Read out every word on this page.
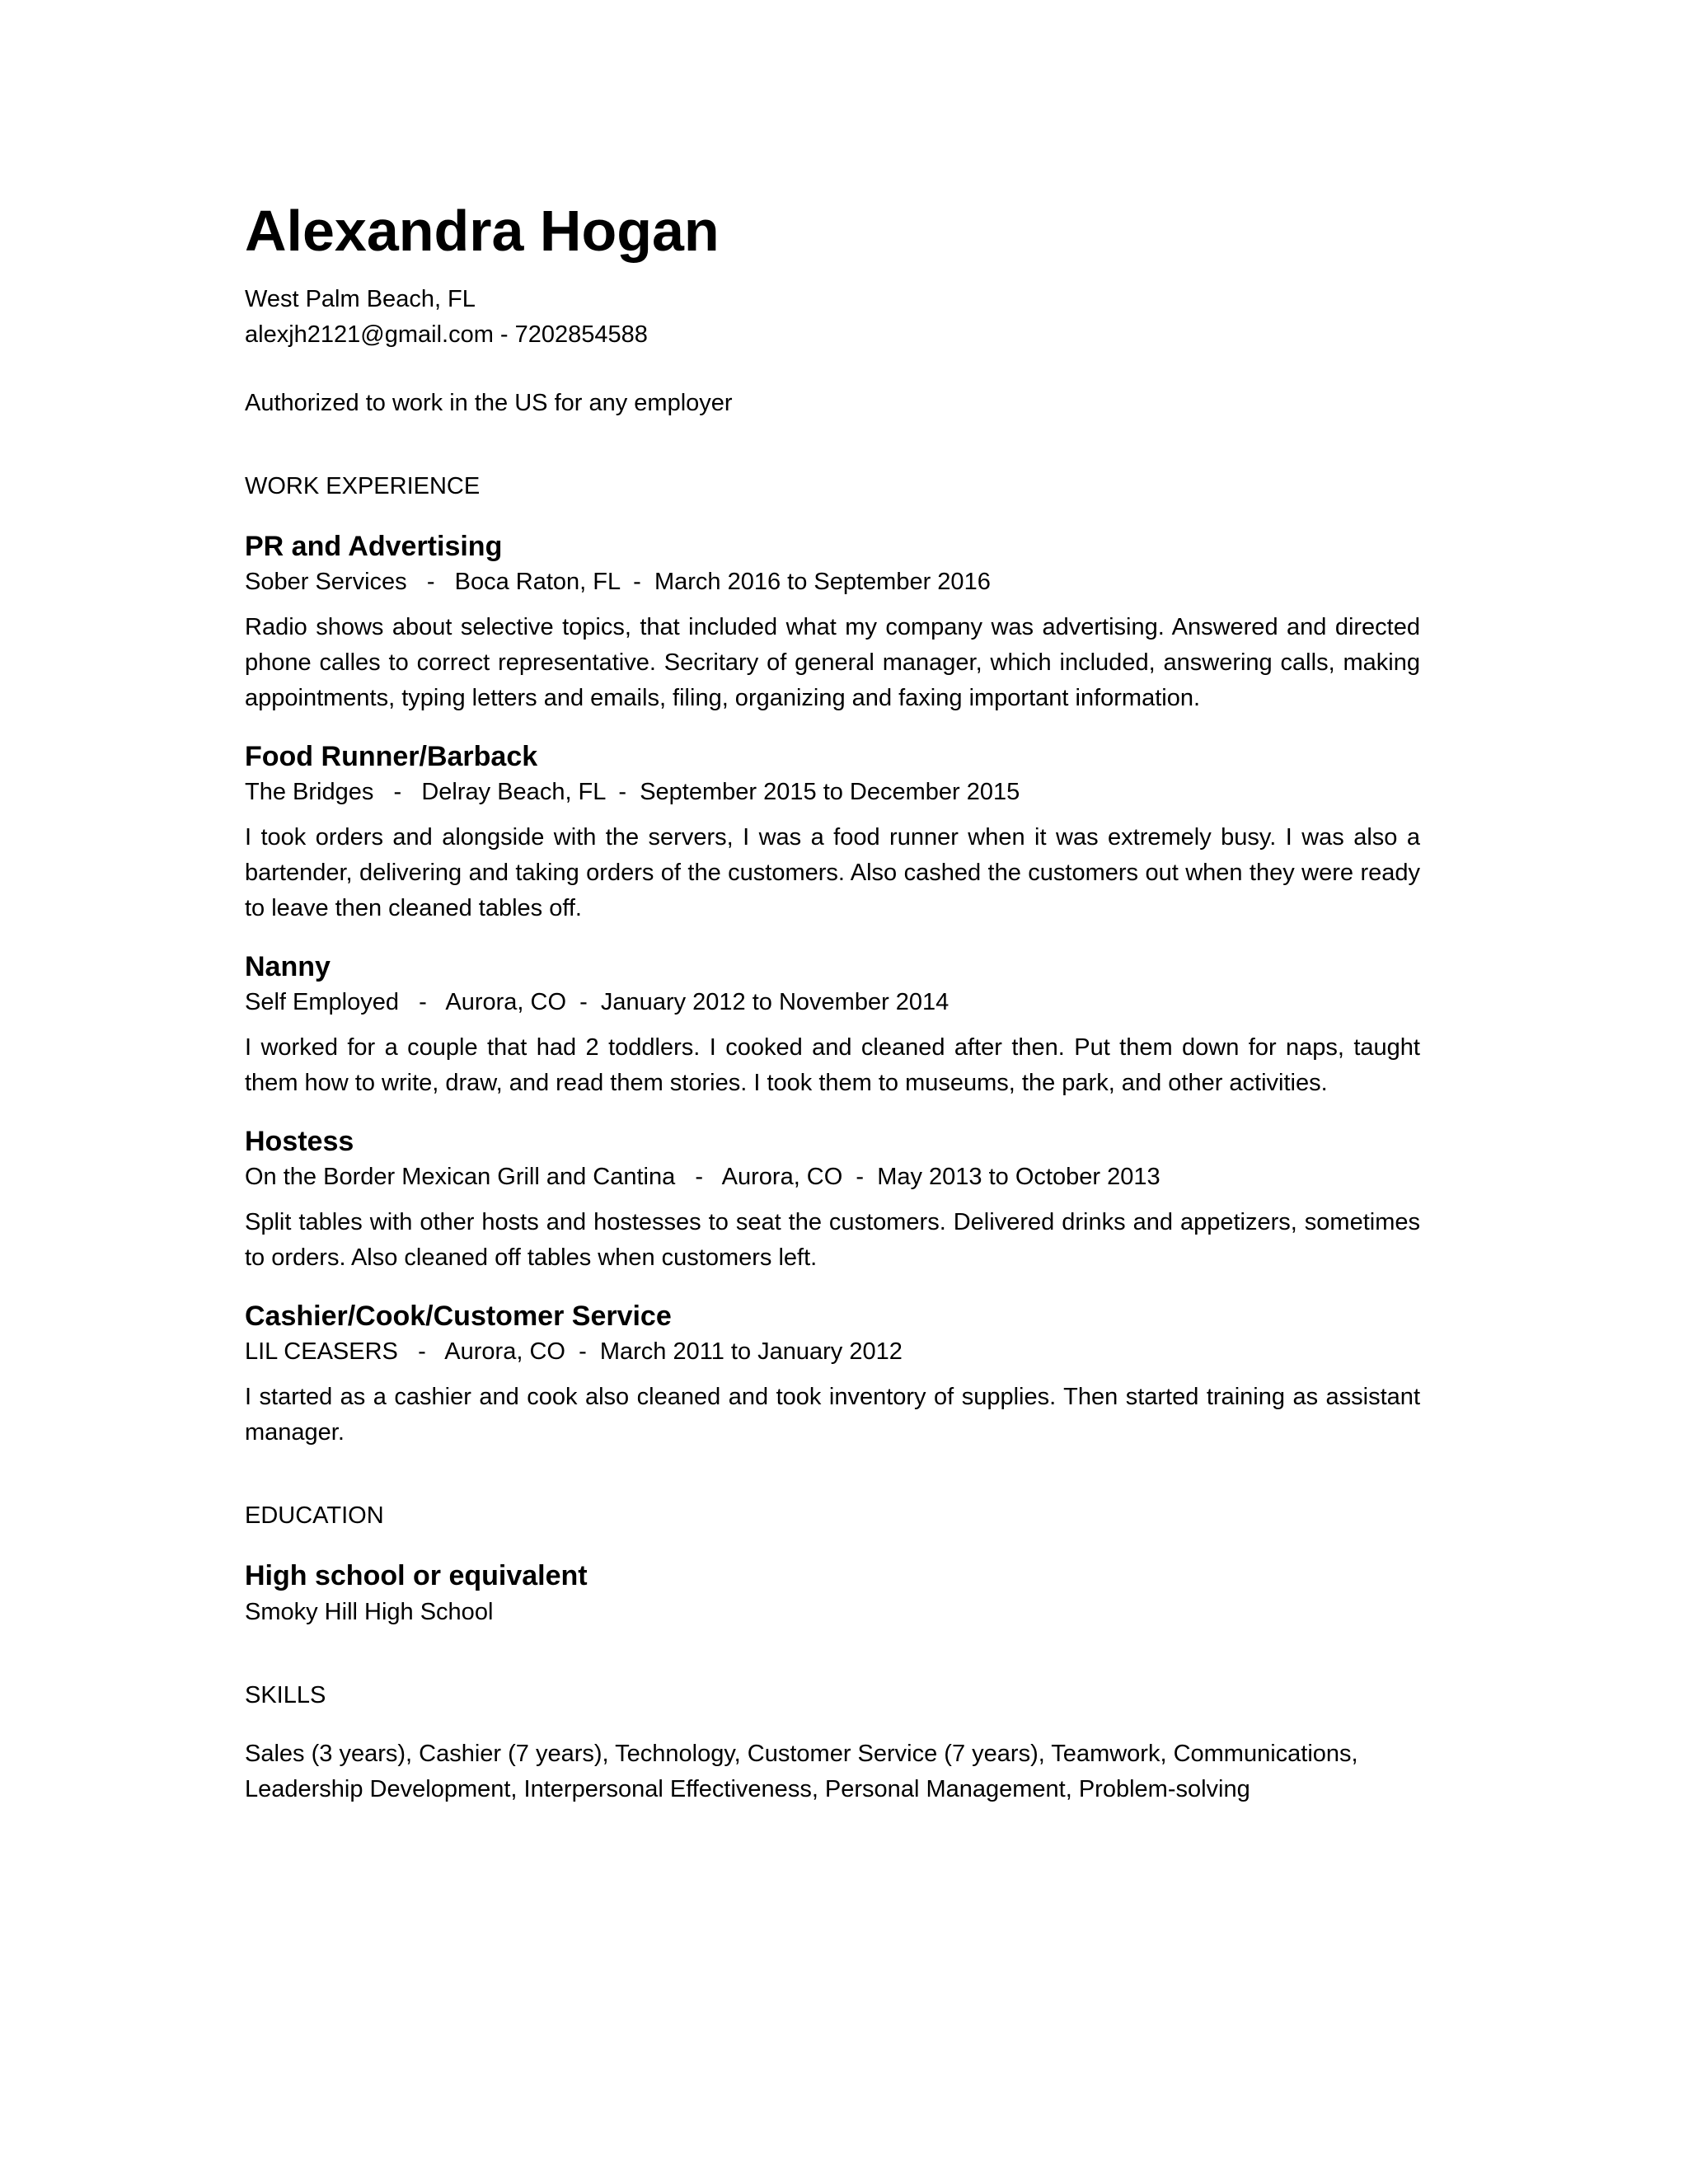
Alexandra Hogan
West Palm Beach, FL
alexjh2121@gmail.com - 7202854588
Authorized to work in the US for any employer
WORK EXPERIENCE
PR and Advertising
Sober Services   -   Boca Raton, FL  -  March 2016 to September 2016
Radio shows about selective topics, that included what my company was advertising. Answered and directed phone calles to correct representative. Secritary of general manager, which included, answering calls, making appointments, typing letters and emails, filing, organizing and faxing important information.
Food Runner/Barback
The Bridges   -   Delray Beach, FL  -  September 2015 to December 2015
I took orders and alongside with the servers, I was a food runner when it was extremely busy. I was also a bartender, delivering and taking orders of the customers. Also cashed the customers out when they were ready to leave then cleaned tables off.
Nanny
Self Employed   -   Aurora, CO  -  January 2012 to November 2014
I worked for a couple that had 2 toddlers. I cooked and cleaned after then. Put them down for naps, taught them how to write, draw, and read them stories. I took them to museums, the park, and other activities.
Hostess
On the Border Mexican Grill and Cantina   -   Aurora, CO  -  May 2013 to October 2013
Split tables with other hosts and hostesses to seat the customers. Delivered drinks and appetizers, sometimes to orders. Also cleaned off tables when customers left.
Cashier/Cook/Customer Service
LIL CEASERS   -   Aurora, CO  -  March 2011 to January 2012
I started as a cashier and cook also cleaned and took inventory of supplies. Then started training as assistant manager.
EDUCATION
High school or equivalent
Smoky Hill High School
SKILLS
Sales (3 years), Cashier (7 years), Technology, Customer Service (7 years), Teamwork, Communications, Leadership Development, Interpersonal Effectiveness, Personal Management, Problem-solving
